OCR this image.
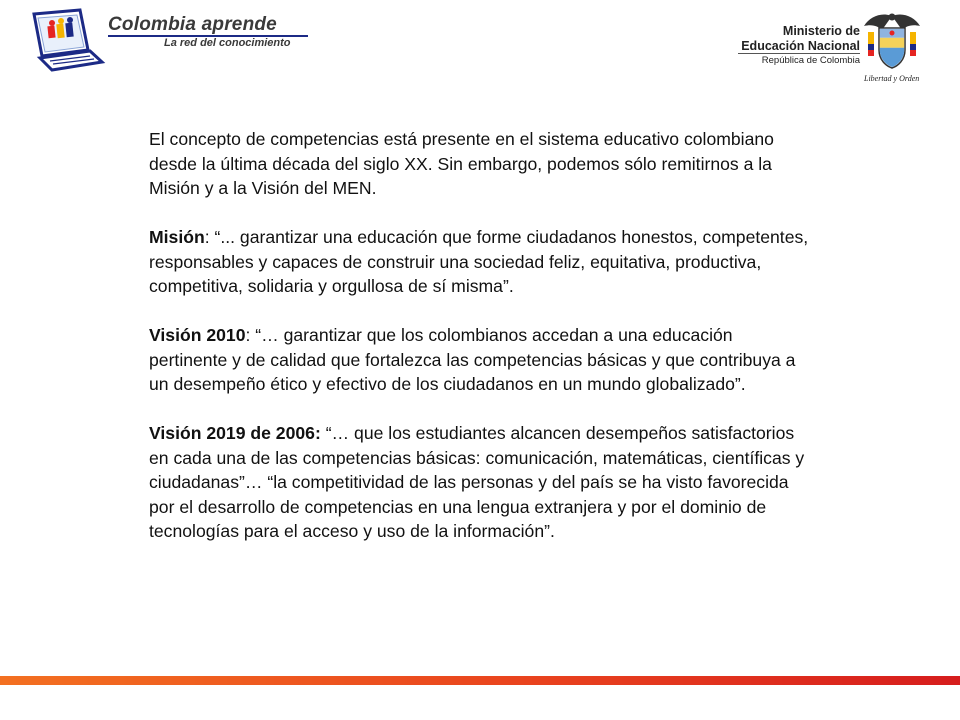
Colombia aprende
La red del conocimiento
Ministerio de
Educación Nacional
República de Colombia
Libertad y Orden

El concepto de competencias está presente en el sistema educativo colombiano desde la última década del siglo XX. Sin embargo, podemos sólo remitirnos a la Misión y a la Visión del MEN.

Misión: “... garantizar una educación que forme ciudadanos honestos, competentes, responsables y capaces de construir una sociedad feliz, equitativa, productiva, competitiva, solidaria y orgullosa de sí misma”.

Visión 2010: “… garantizar que los colombianos accedan a una educación pertinente y de calidad que fortalezca las competencias básicas y que contribuya a un desempeño ético y efectivo de los ciudadanos en un mundo globalizado”.

Visión 2019 de 2006: “… que los estudiantes alcancen desempeños satisfactorios en cada una de las competencias básicas: comunicación, matemáticas, científicas y ciudadanas”… “la competitividad de las personas y del país se ha visto favorecida por el desarrollo de competencias en una lengua extranjera y por el dominio de tecnologías para el acceso y uso de la información”.
